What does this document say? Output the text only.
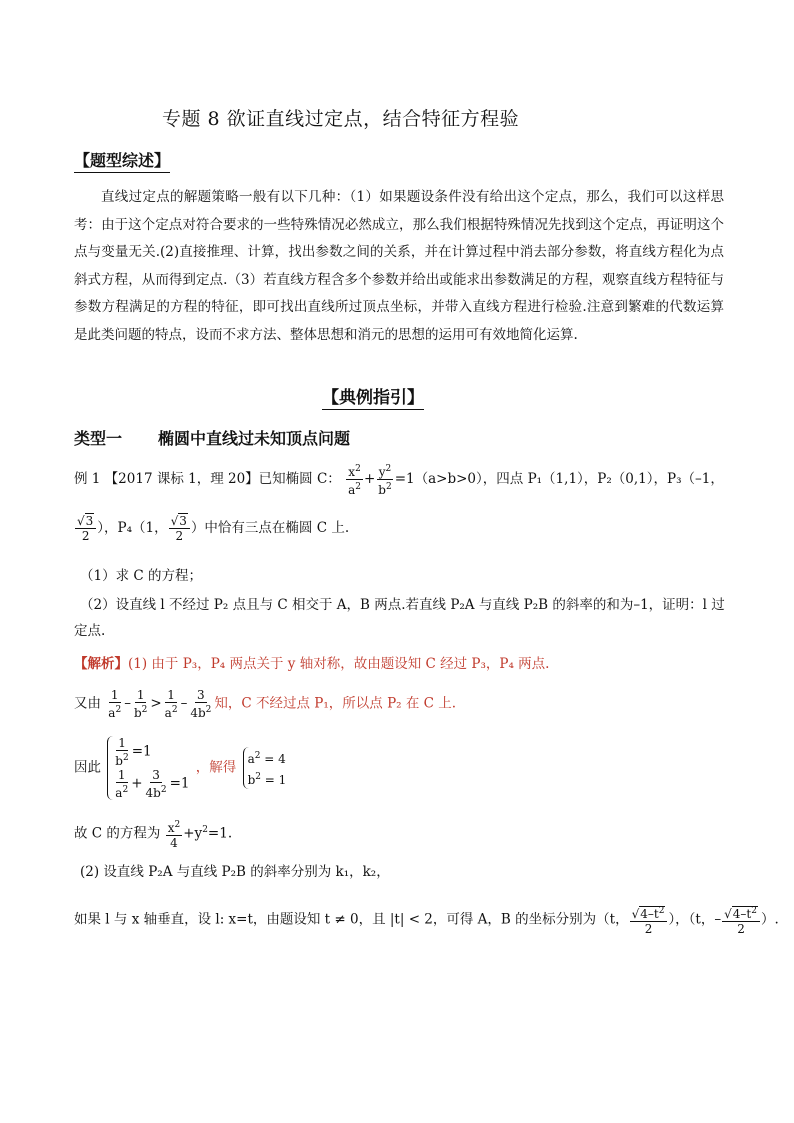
专题 8 欲证直线过定点，结合特征方程验
【题型综述】
直线过定点的解题策略一般有以下几种：（1）如果题设条件没有给出这个定点，那么，我们可以这样思考：由于这个定点对符合要求的一些特殊情况必然成立，那么我们根据特殊情况先找到这个定点，再证明这个点与变量无关.(2)直接推理、计算，找出参数之间的关系，并在计算过程中消去部分参数，将直线方程化为点斜式方程，从而得到定点.（3）若直线方程含多个参数并给出或能求出参数满足的方程，观察直线方程特征与参数方程满足的方程的特征，即可找出直线所过顶点坐标，并带入直线方程进行检验.注意到繁难的代数运算是此类问题的特点，设而不求方法、整体思想和消元的思想的运用可有效地简化运算.
【典例指引】
类型一 椭圆中直线过未知顶点问题
例 1 【2017 课标 1，理 20】已知椭圆 C： $\frac{x^2}{a^2} + \frac{y^2}{b^2} =1(a>b>0)$，四点 P₁（1,1），P₂（0,1），P₃（–1，
$\frac{√3}{2}$ ），P₄（1， $\frac{√3}{2}$ ）中恰有三点在椭圆 C 上.
（1）求 C 的方程；
（2）设直线 l 不经过 P₂ 点且与 C 相交于 A，B 两点.若直线 P₂A 与直线 P₂B 的斜率的和为–1，证明：l 过
定点.
【解析】(1) 由于 P₃，P₄ 两点关于 y 轴对称，故由题设知 C 经过 P₃，P₄ 两点.
又由 $\frac{1}{a^2} - \frac{1}{b^2} > \frac{1}{a^2} - \frac{3}{4b^2}$ 知，C 不经过点 P₁，所以点 P₂ 在 C 上.
因此 $\frac{1}{b^2} =1$
$\frac{1}{a^2} + \frac{3}{4b^2} =1$
，解得
$a^2 = 4$
$b^2 = 1$
故 C 的方程为 $\frac{x^2}{4} +y^2=1$.
(2) 设直线 P₂A 与直线 P₂B 的斜率分别为 k₁，k₂，
如果 l 与 x 轴垂直，设 l: x=t，由题设知 t ≠ 0，且 |t| < 2，可得 A，B 的坐标分别为（t， $\frac{√4-t^2}{2}$ ），（t，– $\frac{√4-t^2}{2}$ ）.
